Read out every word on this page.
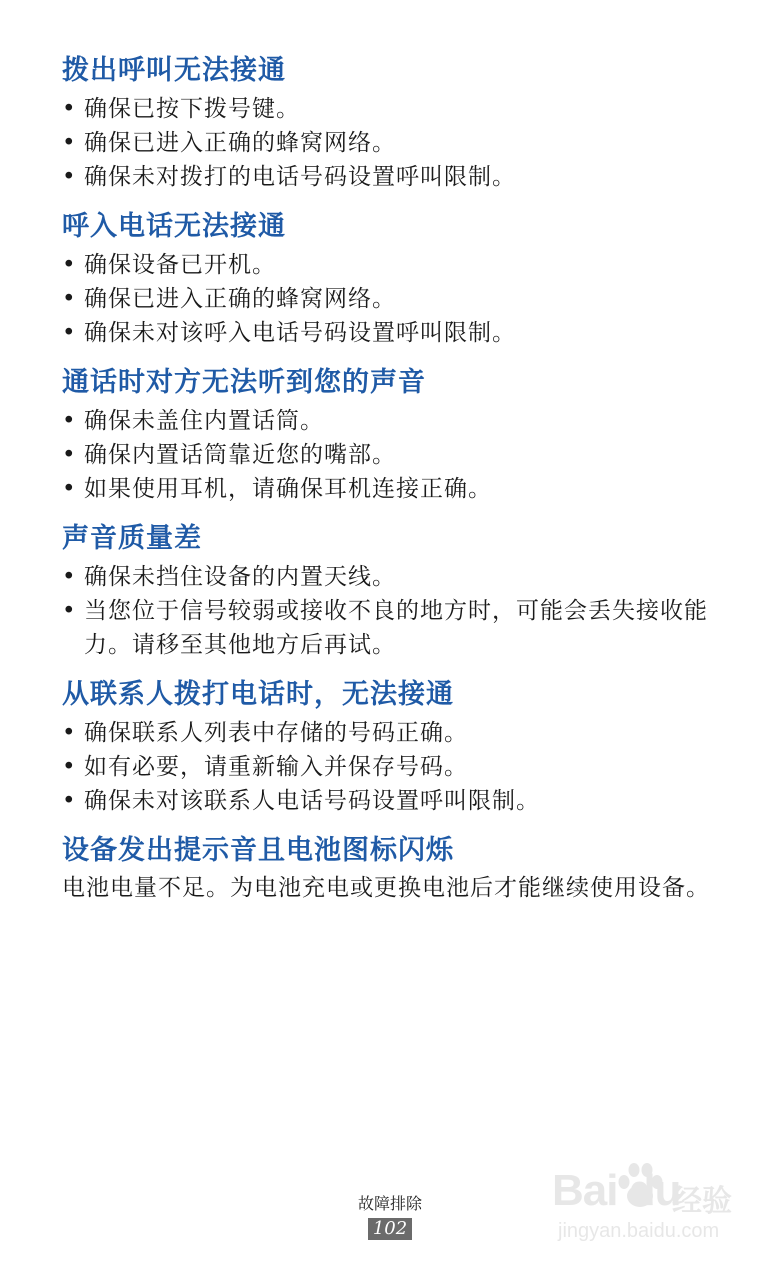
拨出呼叫无法接通
• 确保已按下拨号键。
• 确保已进入正确的蜂窝网络。
• 确保未对拨打的电话号码设置呼叫限制。
呼入电话无法接通
• 确保设备已开机。
• 确保已进入正确的蜂窝网络。
• 确保未对该呼入电话号码设置呼叫限制。
通话时对方无法听到您的声音
• 确保未盖住内置话筒。
• 确保内置话筒靠近您的嘴部。
• 如果使用耳机，请确保耳机连接正确。
声音质量差
• 确保未挡住设备的内置天线。
• 当您位于信号较弱或接收不良的地方时，可能会丢失接收能力。请移至其他地方后再试。
从联系人拨打电话时，无法接通
• 确保联系人列表中存储的号码正确。
• 如有必要，请重新输入并保存号码。
• 确保未对该联系人电话号码设置呼叫限制。
设备发出提示音且电池图标闪烁

电池电量不足。为电池充电或更换电池后才能继续使用设备。

故障排除
102
Bai du
经验
jingyan.baidu.com
